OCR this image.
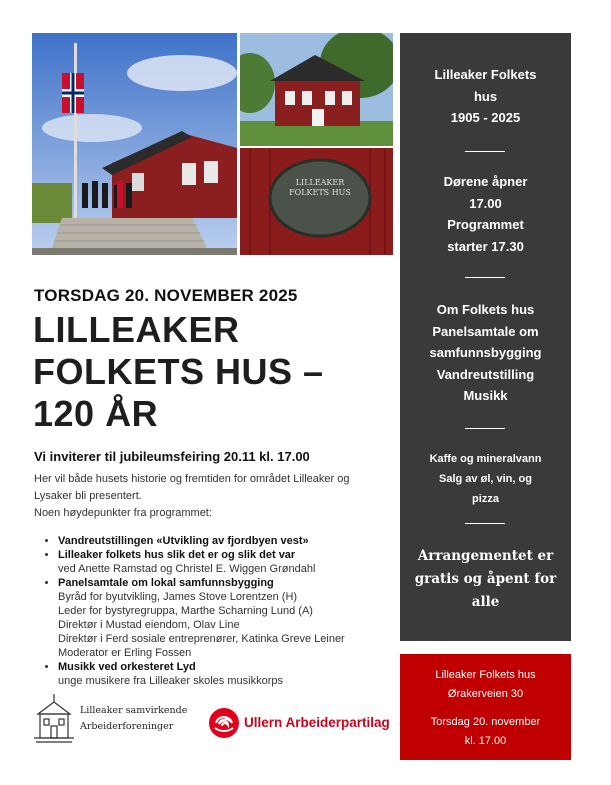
LILLEAKER
FOLKETS HUS
Lilleaker Folkets
hus
1905 - 2025
Dørene åpner
17.00
Programmet
starter 17.30
Om Folkets hus
Panelsamtale om
samfunnsbygging
Vandreutstilling
Musikk
Kaffe og mineralvann
Salg av øl, vin, og
pizza
Arrangementet er
gratis og åpent for
alle
Lilleaker Folkets hus
Ørakerveien 30
Torsdag 20. november
kl. 17.00
TORSDAG 20. NOVEMBER 2025
LILLEAKER
FOLKETS HUS –
120 ÅR
Vi inviterer til jubileumsfeiring 20.11 kl. 17.00
Her vil både husets historie og fremtiden for området Lilleaker og
Lysaker bli presentert.
Noen høydepunkter fra programmet:
• Vandreutstillingen «Utvikling av fjordbyen vest»
• Lilleaker folkets hus slik det er og slik det var
ved Anette Ramstad og Christel E. Wiggen Grøndahl
• Panelsamtale om lokal samfunnsbygging
Byråd for byutvikling, James Stove Lorentzen (H)
Leder for bystyregruppa, Marthe Scharning Lund (A)
Direktør i Mustad eiendom, Olav Line
Direktør i Ferd sosiale entreprenører, Katinka Greve Leiner
Moderator er Erling Fossen
• Musikk ved orkesteret Lyd
unge musikere fra Lilleaker skoles musikkorps
Lilleaker samvirkende
Arbeiderforeninger	Ullern Arbeiderpartilag
